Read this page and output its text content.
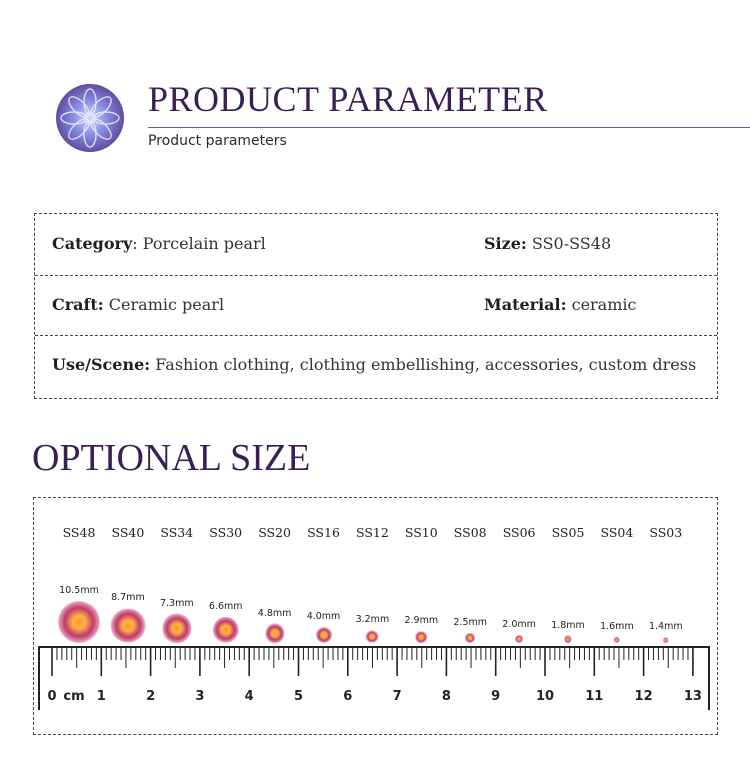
PRODUCT PARAMETER
Product parameters
Category: Porcelain pearl	Size: SS0-SS48
Craft: Ceramic pearl	Material: ceramic
Use/Scene: Fashion clothing, clothing embellishing, accessories, custom dress
OPTIONAL SIZE
SS48
10.5mm
SS40
8.7mm
SS34
7.3mm
SS30
6.6mm
SS20
4.8mm
SS16
4.0mm
SS12
3.2mm
SS10
2.9mm
SS08
2.5mm
SS06
2.0mm
SS05
1.8mm
SS04
1.6mm
SS03
1.4mm
0	1	2	3	4	5	6	7	8	9	10 11 12 13
cm
